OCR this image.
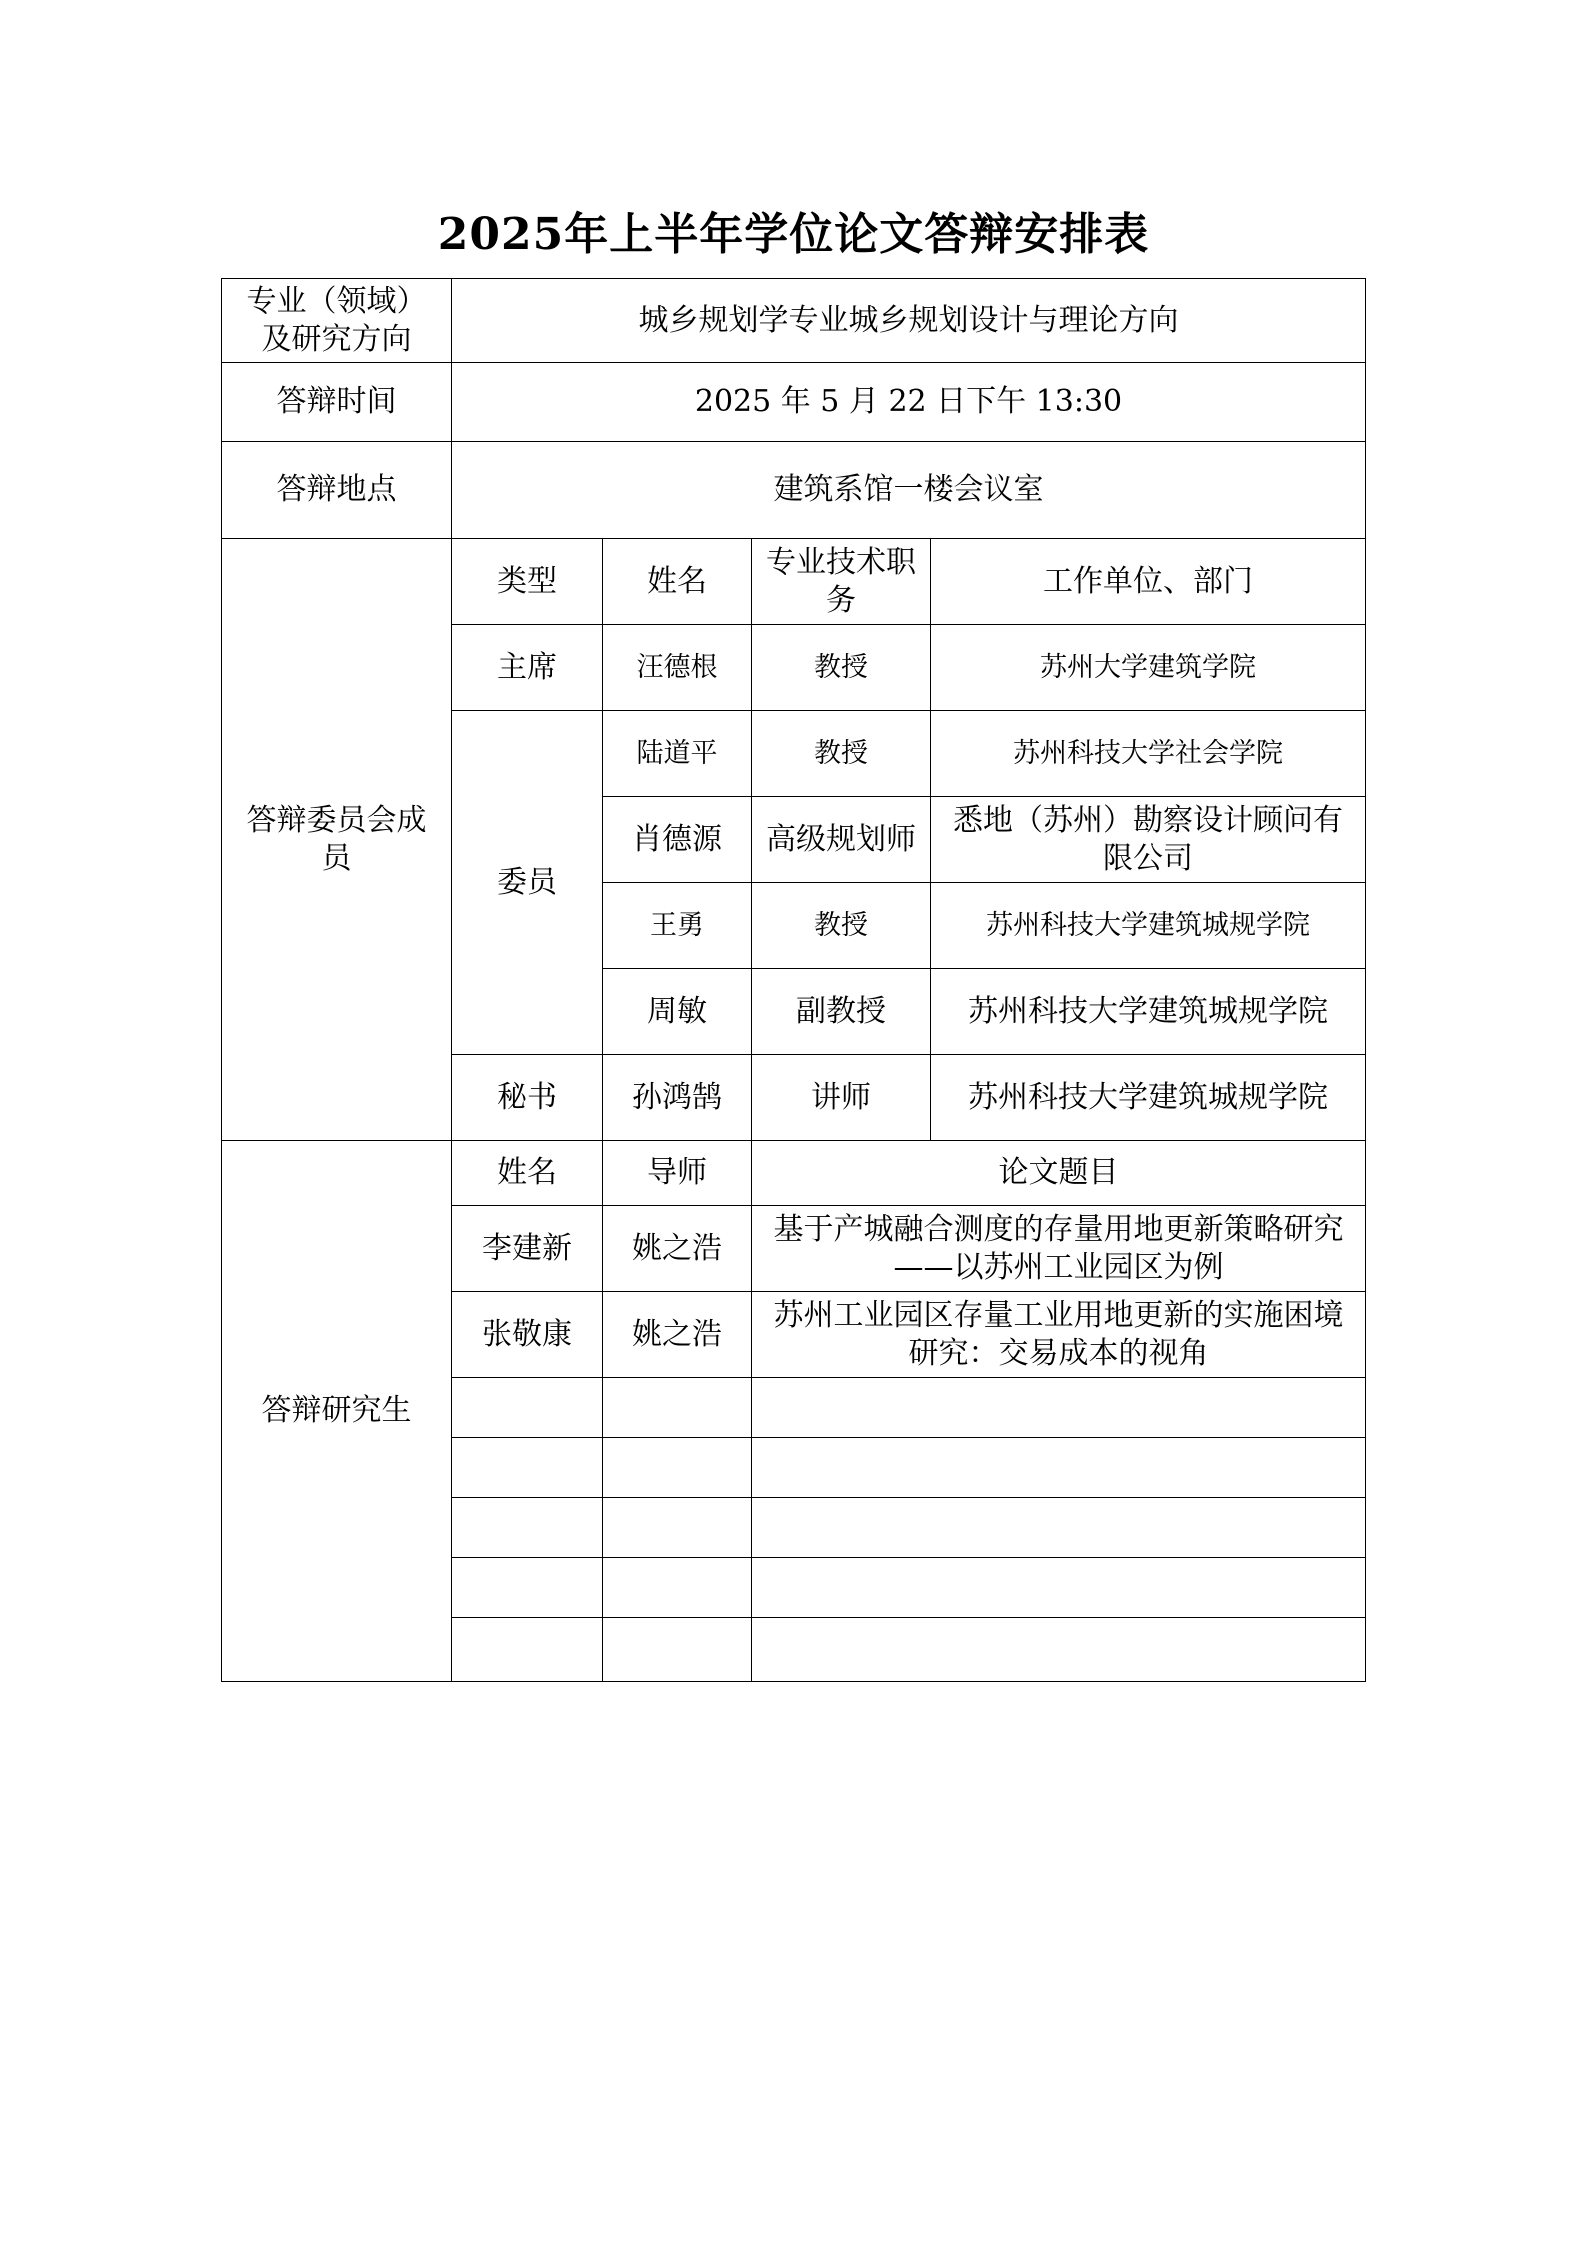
2025年上半年学位论文答辩安排表
专业（领域）及研究方向	城乡规划学专业城乡规划设计与理论方向			
答辩时间	2025 年 5 月 22 日下午 13:30			
答辩地点	建筑系馆一楼会议室			
答辩委员会成员	类型	姓名	专业技术职务	工作单位、部门
	主席	汪德根	教授	苏州大学建筑学院
	委员	陆道平	教授	苏州科技大学社会学院
		肖德源	高级规划师	悉地（苏州）勘察设计顾问有限公司
		王勇	教授	苏州科技大学建筑城规学院
		周敏	副教授	苏州科技大学建筑城规学院
	秘书	孙鸿鹄	讲师	苏州科技大学建筑城规学院
答辩研究生	姓名	导师	论文题目	
	李建新	姚之浩	基于产城融合测度的存量用地更新策略研究——以苏州工业园区为例	
	张敬康	姚之浩	苏州工业园区存量工业用地更新的实施困境研究：交易成本的视角	
